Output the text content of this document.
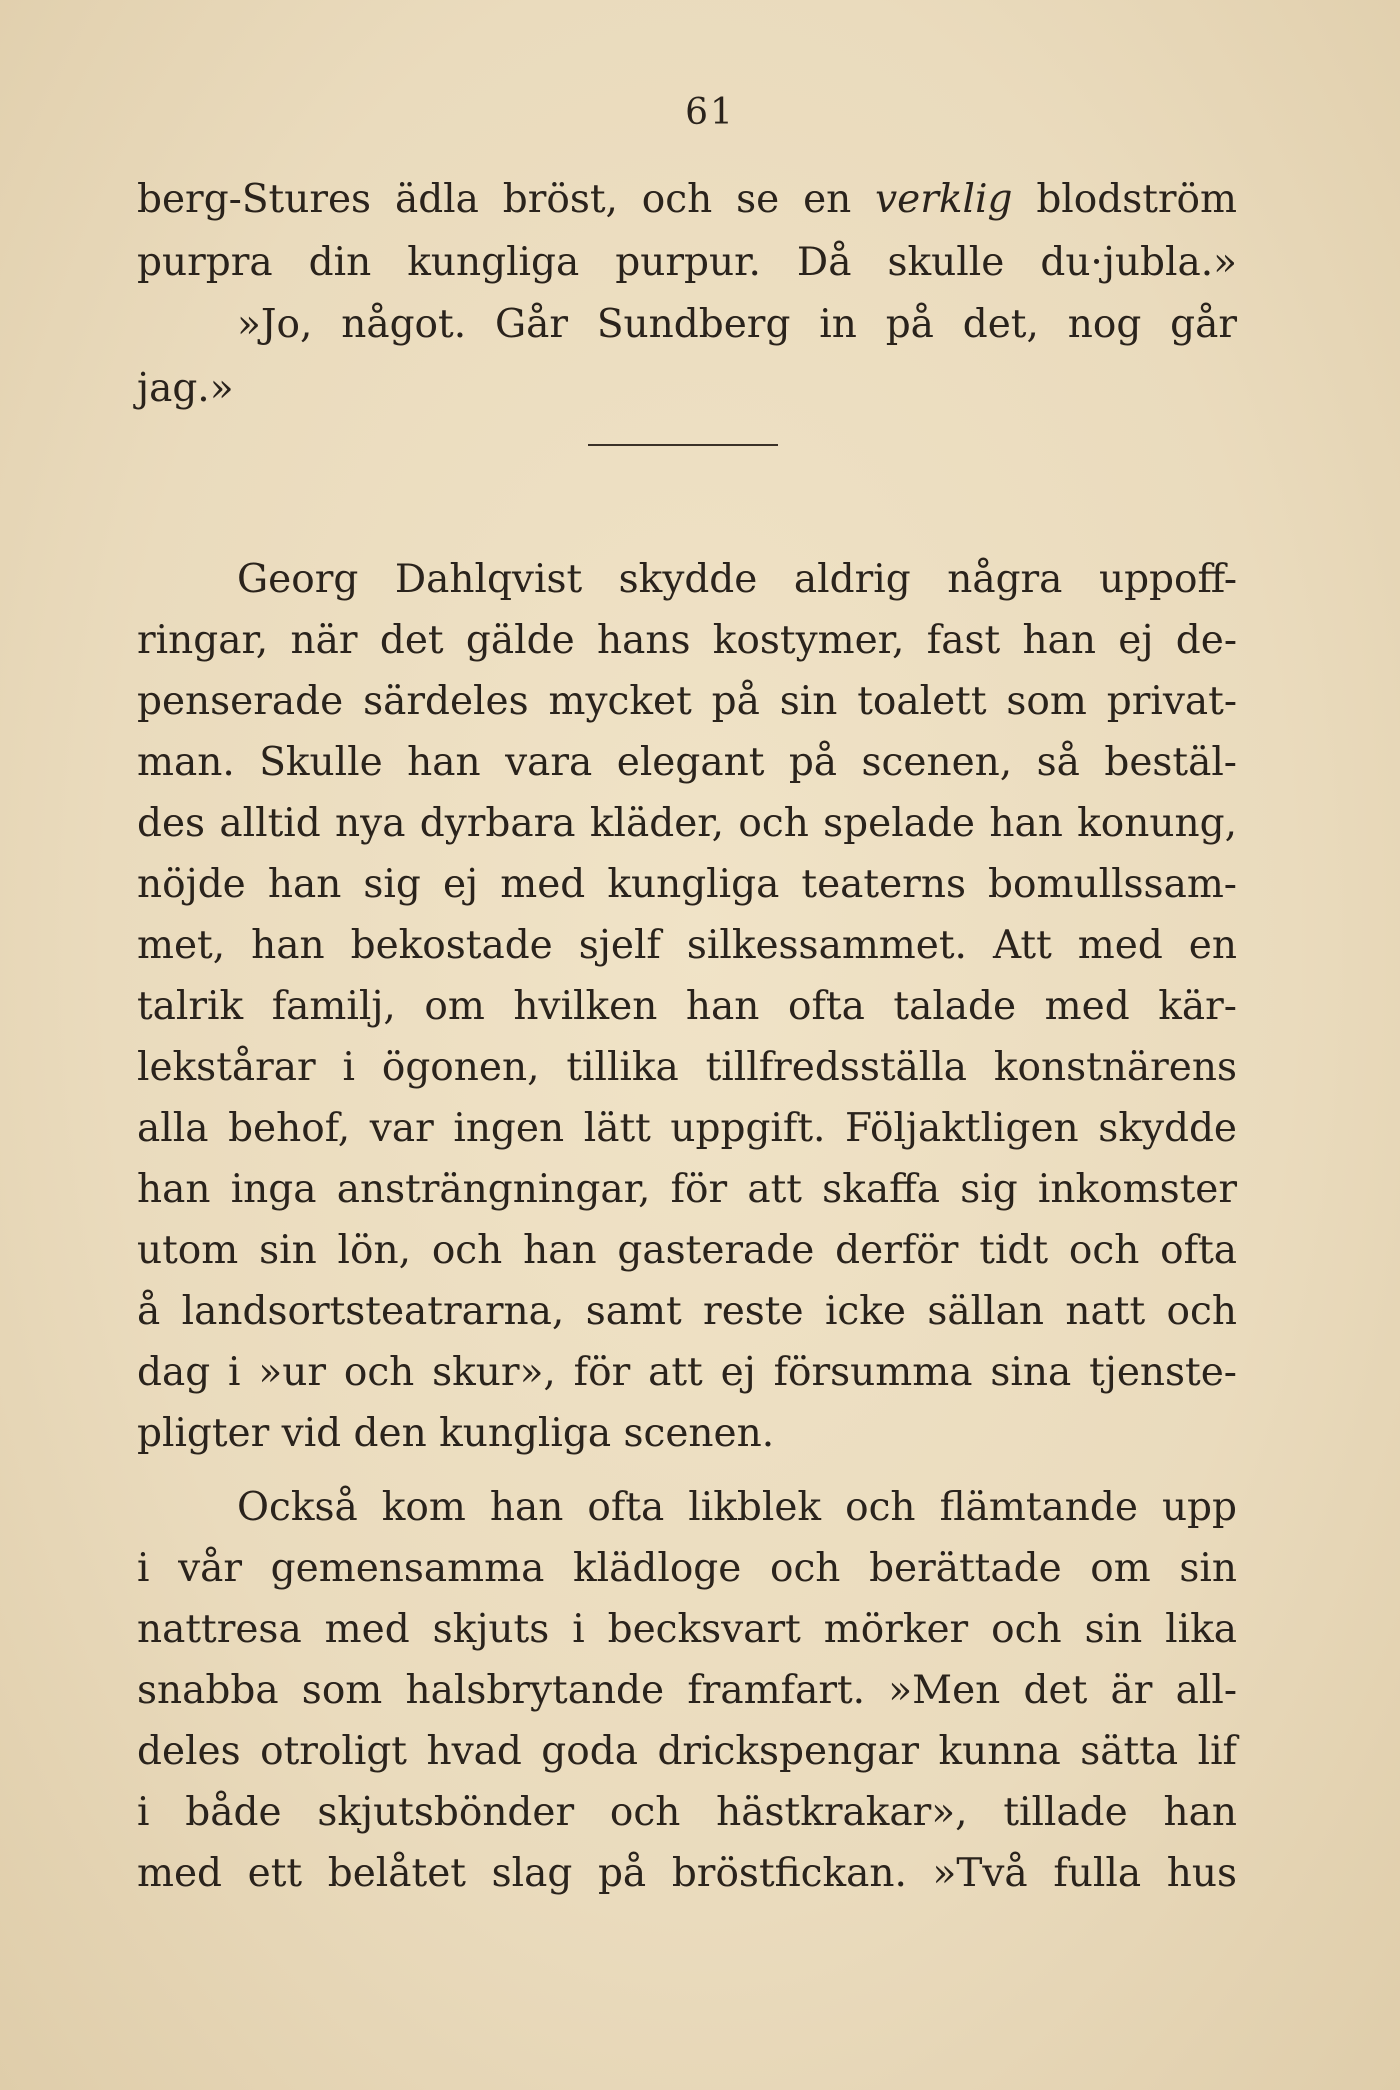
61
berg-Stures ädla bröst, och se en verklig blodström
purpra din kungliga purpur. Då skulle du·jubla.»
»Jo, något. Går Sundberg in på det, nog går
jag.»
Georg Dahlqvist skydde aldrig några uppoff-
ringar, när det gälde hans kostymer, fast han ej de-
penserade särdeles mycket på sin toalett som privat-
man. Skulle han vara elegant på scenen, så bestäl-
des alltid nya dyrbara kläder, och spelade han konung,
nöjde han sig ej med kungliga teaterns bomullssam-
met, han bekostade sjelf silkessammet. Att med en
talrik familj, om hvilken han ofta talade med kär-
lekstårar i ögonen, tillika tillfredsställa konstnärens
alla behof, var ingen lätt uppgift. Följaktligen skydde
han inga ansträngningar, för att skaffa sig inkomster
utom sin lön, och han gasterade derför tidt och ofta
å landsortsteatrarna, samt reste icke sällan natt och
dag i »ur och skur», för att ej försumma sina tjenste-
pligter vid den kungliga scenen.
Också kom han ofta likblek och flämtande upp
i vår gemensamma klädloge och berättade om sin
nattresa med skjuts i becksvart mörker och sin lika
snabba som halsbrytande framfart. »Men det är all-
deles otroligt hvad goda drickspengar kunna sätta lif
i både skjutsbönder och hästkrakar», tillade han
med ett belåtet slag på bröstfickan. »Två fulla hus
